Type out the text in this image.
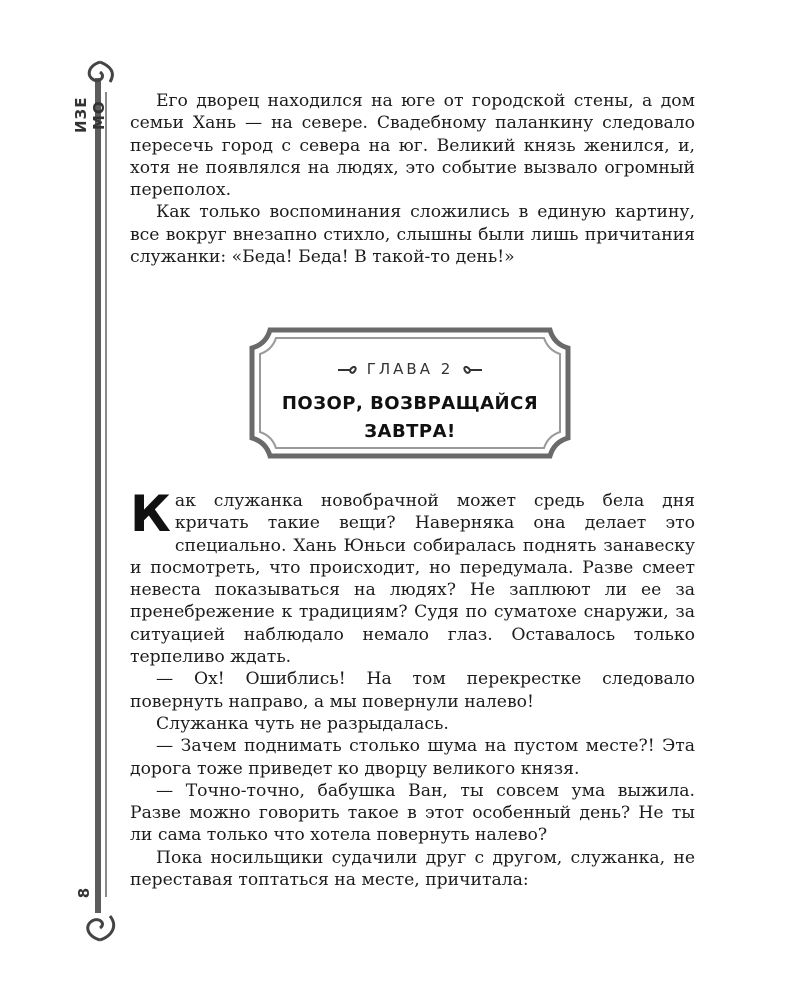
ИЗЕ МО
8

Его дворец находился на юге от городской стены, а дом семьи Хань — на севере. Свадебному паланкину следовало пересечь город с севера на юг. Великий князь женился, и, хотя не появлялся на людях, это событие вызвало огромный переполох.

Как только воспоминания сложились в единую картину, все вокруг внезапно стихло, слышны были лишь причитания служанки: «Беда! Беда! В такой-то день!»

ГЛАВА 2
ПОЗОР, ВОЗВРАЩАЙСЯ ЗАВТРА!

Как служанка новобрачной может средь бела дня кричать такие вещи? Наверняка она делает это специально. Хань Юньси собиралась поднять занавеску и посмотреть, что происходит, но передумала. Разве смеет невеста показываться на людях? Не заплюют ли ее за пренебрежение к традициям? Судя по суматохе снаружи, за ситуацией наблюдало немало глаз. Оставалось только терпеливо ждать.

— Ох! Ошиблись! На том перекрестке следовало повернуть направо, а мы повернули налево!

Служанка чуть не разрыдалась.

— Зачем поднимать столько шума на пустом месте?! Эта дорога тоже приведет ко дворцу великого князя.

— Точно-точно, бабушка Ван, ты совсем ума выжила. Разве можно говорить такое в этот особенный день? Не ты ли сама только что хотела повернуть налево?

Пока носильщики судачили друг с другом, служанка, не переставая топтаться на месте, причитала:
